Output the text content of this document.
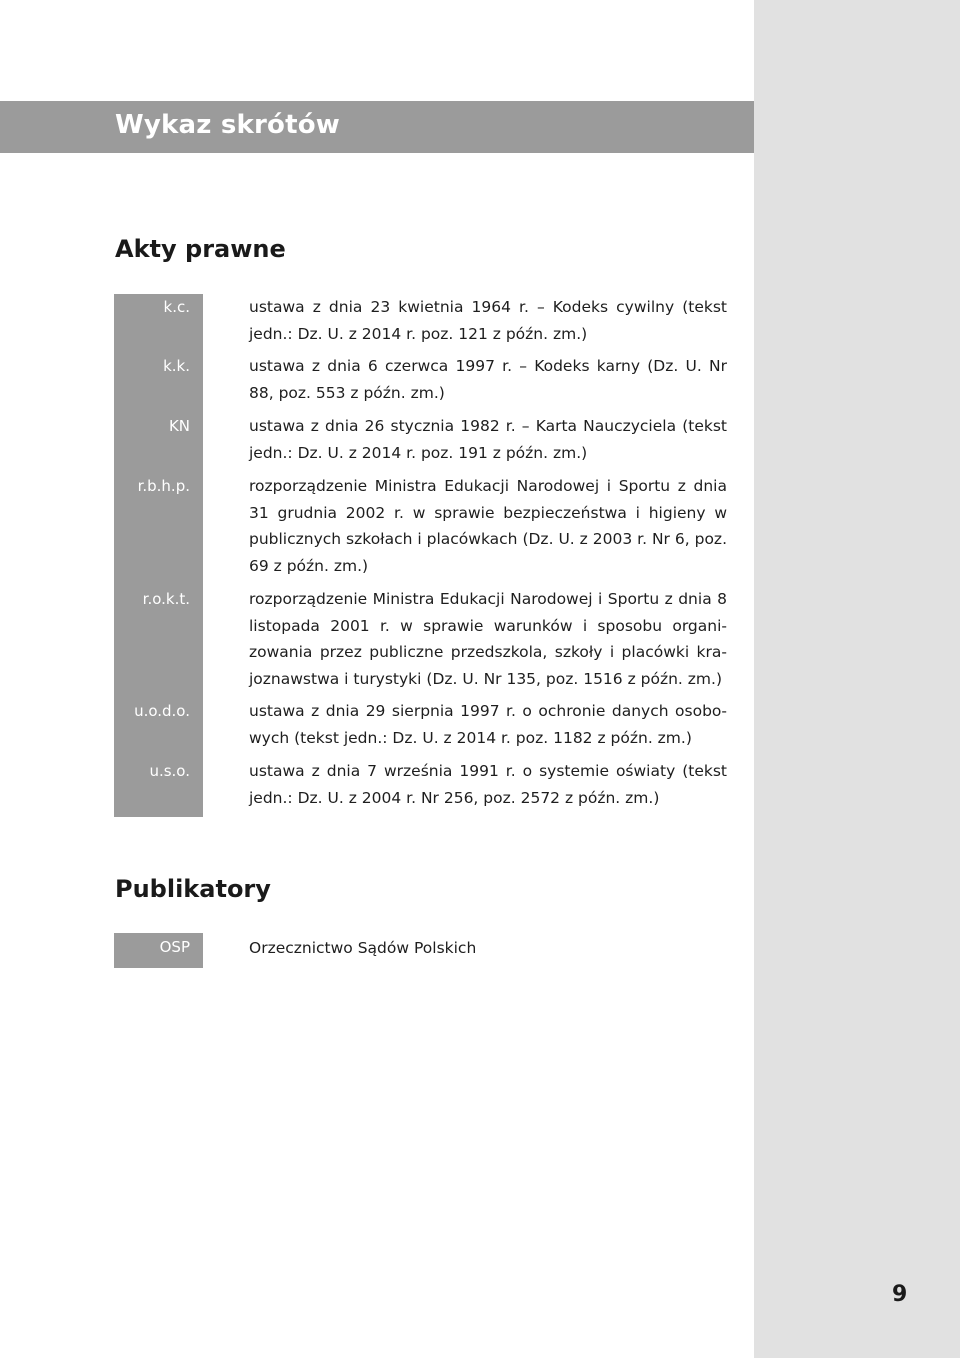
Wykaz skrótów
Akty prawne
k.c.
k.k.
KN
r.b.h.p.
r.o.k.t.
u.o.d.o.
u.s.o.
ustawa z dnia 23 kwietnia 1964 r. – Kodeks cywilny (tekst jedn.: Dz. U. z 2014 r. poz. 121 z późn. zm.)
ustawa z dnia 6 czerwca 1997 r. – Kodeks karny (Dz. U. Nr 88, poz. 553 z późn. zm.)
ustawa z dnia 26 stycznia 1982 r. – Karta Nauczyciela (tekst jedn.: Dz. U. z 2014 r. poz. 191 z późn. zm.)
rozporządzenie Ministra Edukacji Narodowej i Sportu z dnia 31 grudnia 2002 r. w sprawie bezpieczeństwa i higieny w publicznych szkołach i placówkach (Dz. U. z 2003 r. Nr 6, poz. 69 z późn. zm.)
rozporządzenie Ministra Edukacji Narodowej i Sportu z dnia 8 listopada 2001 r. w sprawie warunków i sposobu organizowania przez publiczne przedszkola, szkoły i placówki krajoznawstwa i turystyki (Dz. U. Nr 135, poz. 1516 z późn. zm.)
ustawa z dnia 29 sierpnia 1997 r. o ochronie danych osobowych (tekst jedn.: Dz. U. z 2014 r. poz. 1182 z późn. zm.)
ustawa z dnia 7 września 1991 r. o systemie oświaty (tekst jedn.: Dz. U. z 2004 r. Nr 256, poz. 2572 z późn. zm.)
Publikatory
OSP	Orzecznictwo Sądów Polskich
9
